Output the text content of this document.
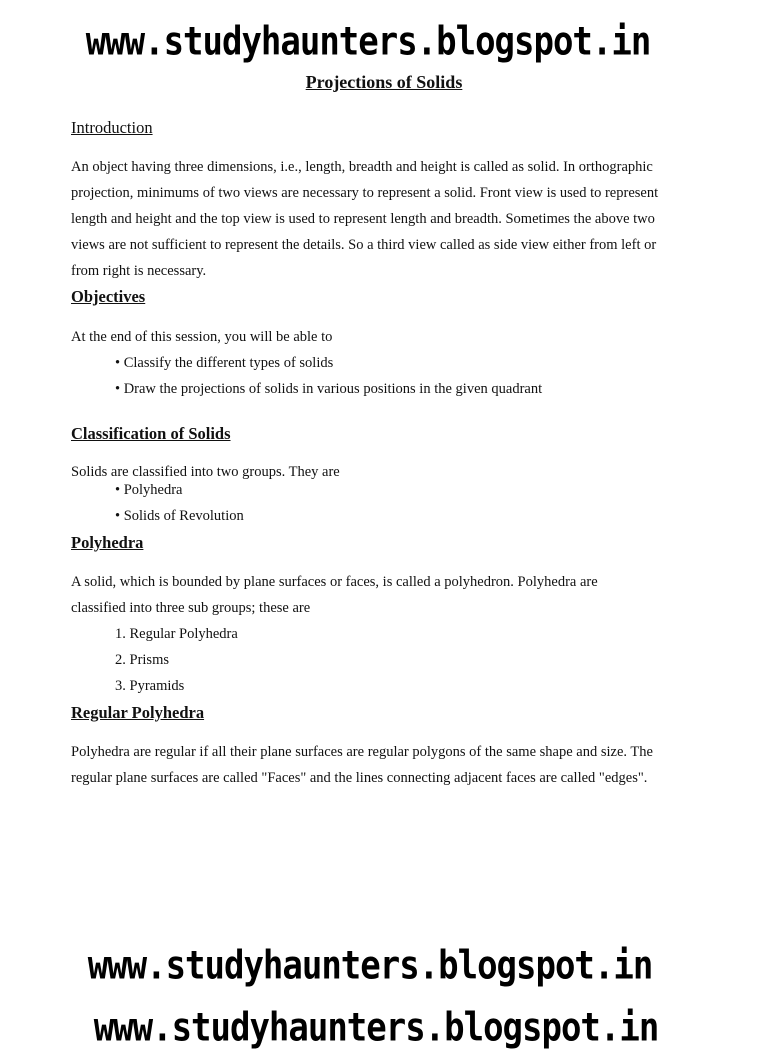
www.studyhaunters.blogspot.in
Projections of Solids
Introduction

An object having three dimensions, i.e., length, breadth and height is called as solid. In orthographic projection, minimums of two views are necessary to represent a solid. Front view is used to represent length and height and the top view is used to represent length and breadth. Sometimes the above two views are not sufficient to represent the details. So a third view called as side view either from left or from right is necessary.

Objectives

At the end of this session, you will be able to

• Classify the different types of solids
• Draw the projections of solids in various positions in the given quadrant
Classification of Solids

Solids are classified into two groups. They are

• Polyhedra
• Solids of Revolution
Polyhedra

A solid, which is bounded by plane surfaces or faces, is called a polyhedron. Polyhedra are classified into three sub groups; these are

1. Regular Polyhedra
2. Prisms
3. Pyramids
Regular Polyhedra

Polyhedra are regular if all their plane surfaces are regular polygons of the same shape and size. The regular plane surfaces are called "Faces" and the lines connecting adjacent faces are called "edges".

www.studyhaunters.blogspot.in
www.studyhaunters.blogspot.in
